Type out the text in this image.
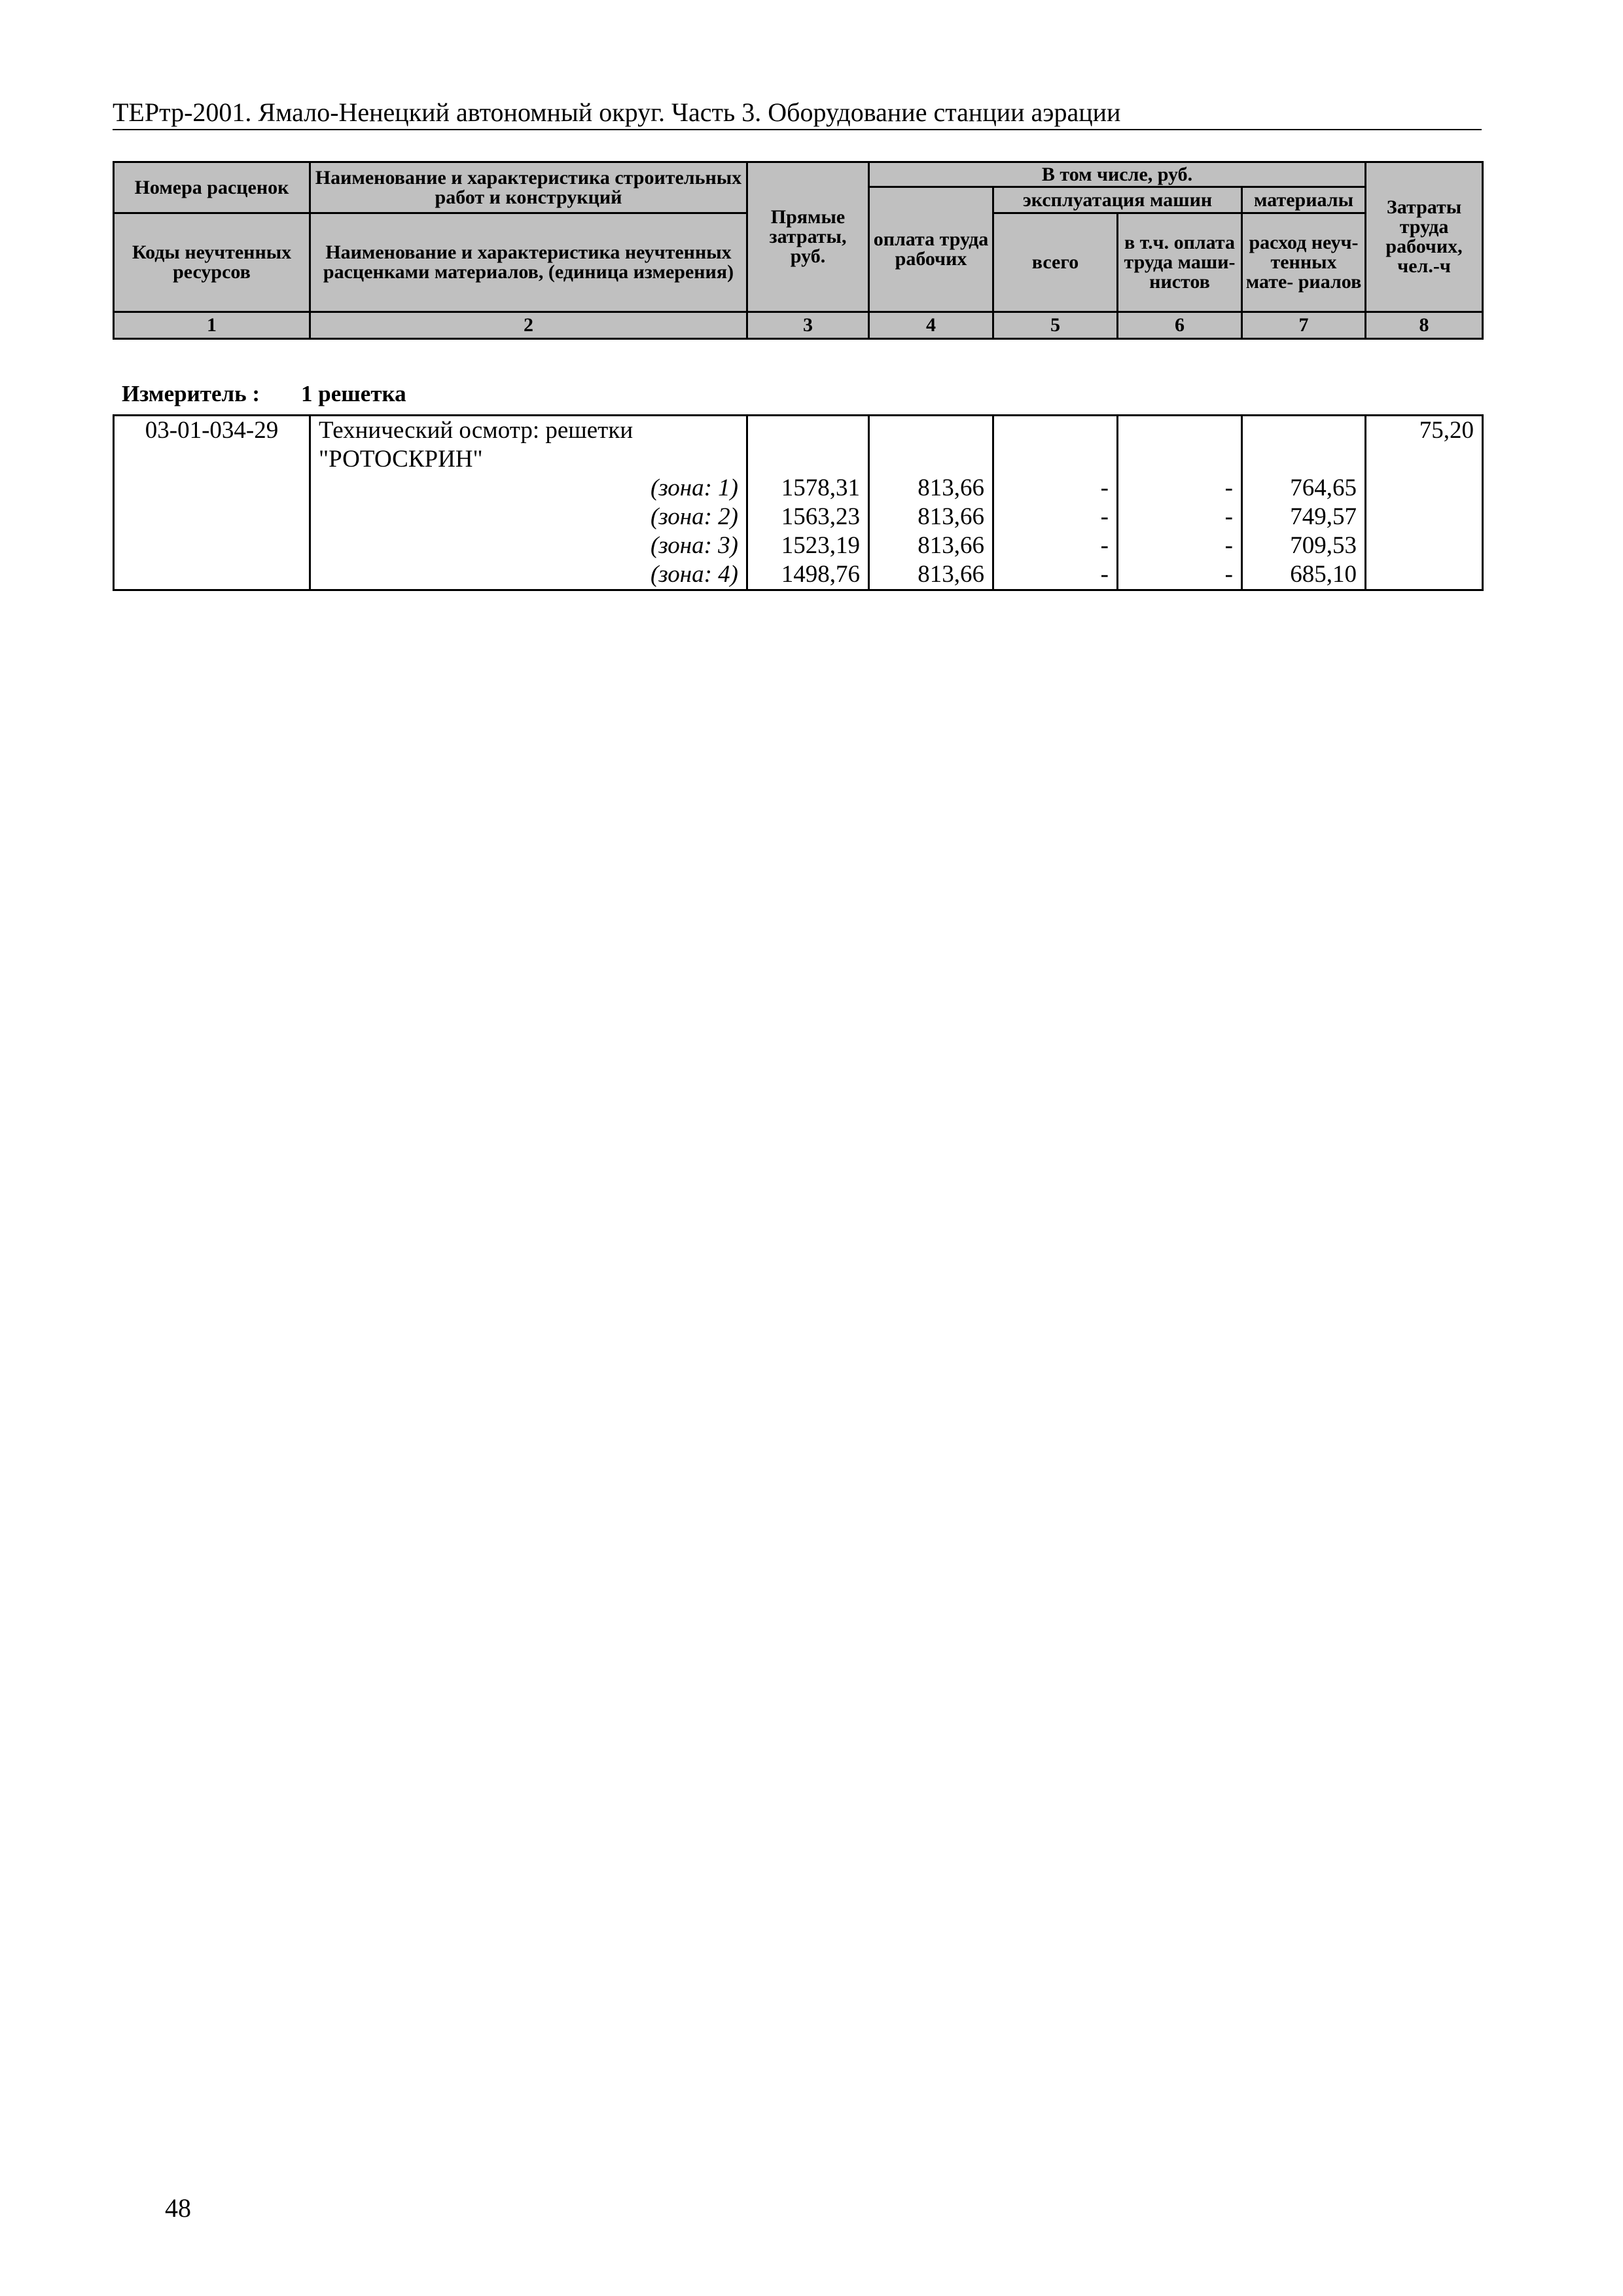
ТЕРтр-2001. Ямало-Ненецкий автономный округ. Часть 3. Оборудование станции аэрации
Номера расценок	Наименование и характеристика строительных работ и конструкций	Прямые затраты, руб.	В том числе, руб.				Затраты труда рабочих, чел.-ч
			оплата труда рабочих	эксплуатация машин		материалы	
Коды неучтенных ресурсов	Наименование и характеристика неучтенных расценками материалов, (единица измерения)			всего	в т.ч. оплата труда маши- нистов	расход неуч- тенных мате- риалов	

1	2	3	4	5	6	7	8
Измеритель : 1 решетка
03-01-034-29	Технический осмотр: решетки						75,20
	"РОТОСКРИН"						
	(зона: 1)	1578,31	813,66	-	-	764,65	
	(зона: 2)	1563,23	813,66	-	-	749,57	
	(зона: 3)	1523,19	813,66	-	-	709,53	
	(зона: 4)	1498,76	813,66	-	-	685,10	
48
